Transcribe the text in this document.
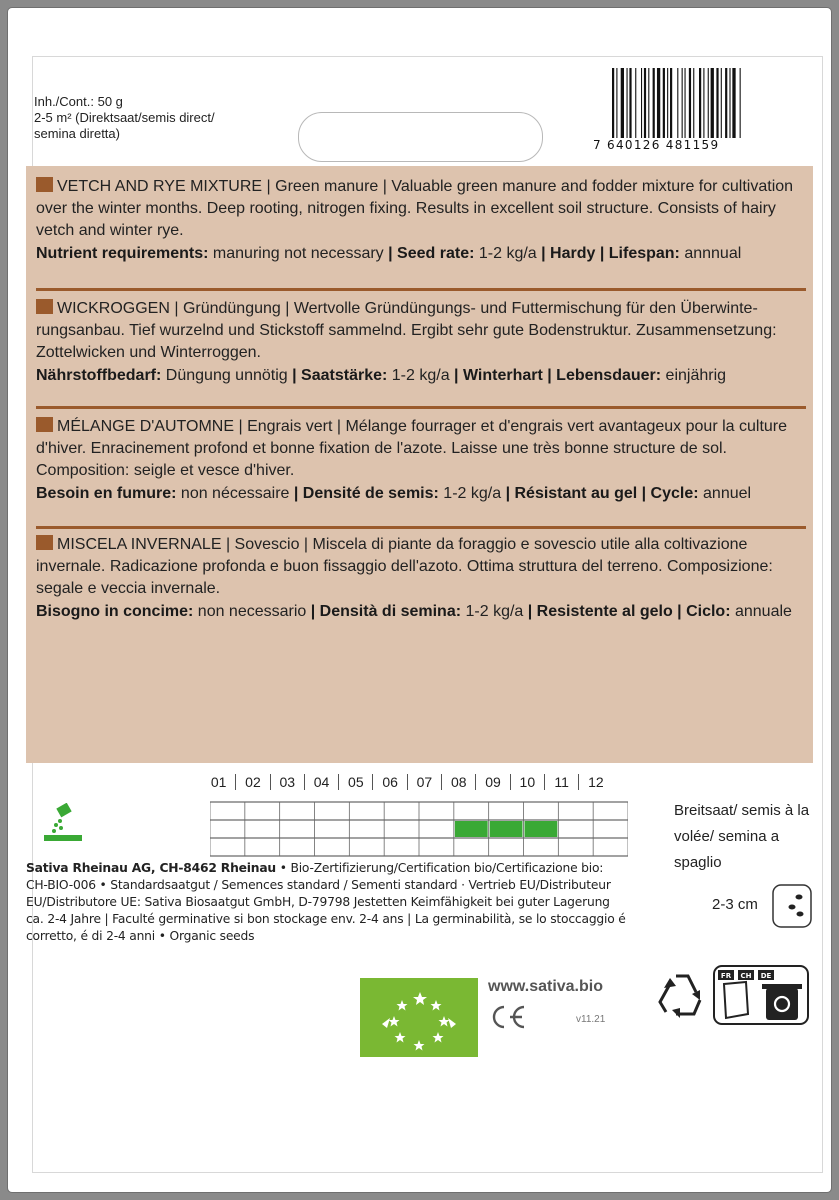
Inh./Cont.: 50 g
2-5 m² (Direktsaat/semis direct/
semina diretta)
7 640126 481159
VETCH AND RYE MIXTURE | Green manure | Valuable green manure and fodder mixture for cultivation over the winter months. Deep rooting, nitrogen fixing. Results in excellent soil structure. Consists of hairy vetch and winter rye.
Nutrient requirements: manuring not necessary | Seed rate: 1-2 kg/a | Hardy | Lifespan: annnual
WICKROGGEN | Gründüngung | Wertvolle Gründüngungs- und Futtermischung für den Überwinte-rungsanbau. Tief wurzelnd und Stickstoff sammelnd. Ergibt sehr gute Bodenstruktur. Zusammensetzung: Zottelwicken und Winterroggen.
Nährstoffbedarf: Düngung unnötig | Saatstärke: 1-2 kg/a | Winterhart | Lebensdauer: einjährig
MÉLANGE D'AUTOMNE | Engrais vert | Mélange fourrager et d'engrais vert avantageux pour la culture d'hiver. Enracinement profond et bonne fixation de l'azote. Laisse une très bonne structure de sol. Composition: seigle et vesce d'hiver.
Besoin en fumure: non nécessaire | Densité de semis: 1-2 kg/a | Résistant au gel | Cycle: annuel
MISCELA INVERNALE | Sovescio | Miscela di piante da foraggio e sovescio utile alla coltivazione invernale. Radicazione profonda e buon fissaggio dell'azoto. Ottima struttura del terreno. Composizione: segale e veccia invernale.
Bisogno in concime: non necessario | Densità di semina: 1-2 kg/a | Resistente al gelo | Ciclo: annuale
01	02	03	04	05	06	07	08	09	10	11	12
Sativa Rheinau AG, CH-8462 Rheinau • Bio-Zertifizierung/Certification bio/Certificazione bio: CH-BIO-006 • Standardsaatgut / Semences standard / Sementi standard · Vertrieb EU/Distributeur EU/Distributore UE: Sativa Biosaatgut GmbH, D-79798 Jestetten Keimfähigkeit bei guter Lagerung ca. 2-4 Jahre | Faculté germinative si bon stockage env. 2-4 ans | La germinabilità, se lo stoccaggio é corretto, é di 2-4 anni • Organic seeds
Breitsaat/ semis à la volée/ semina a spaglio
2-3 cm
www.sativa.bio
v11.21
FR CH DE
